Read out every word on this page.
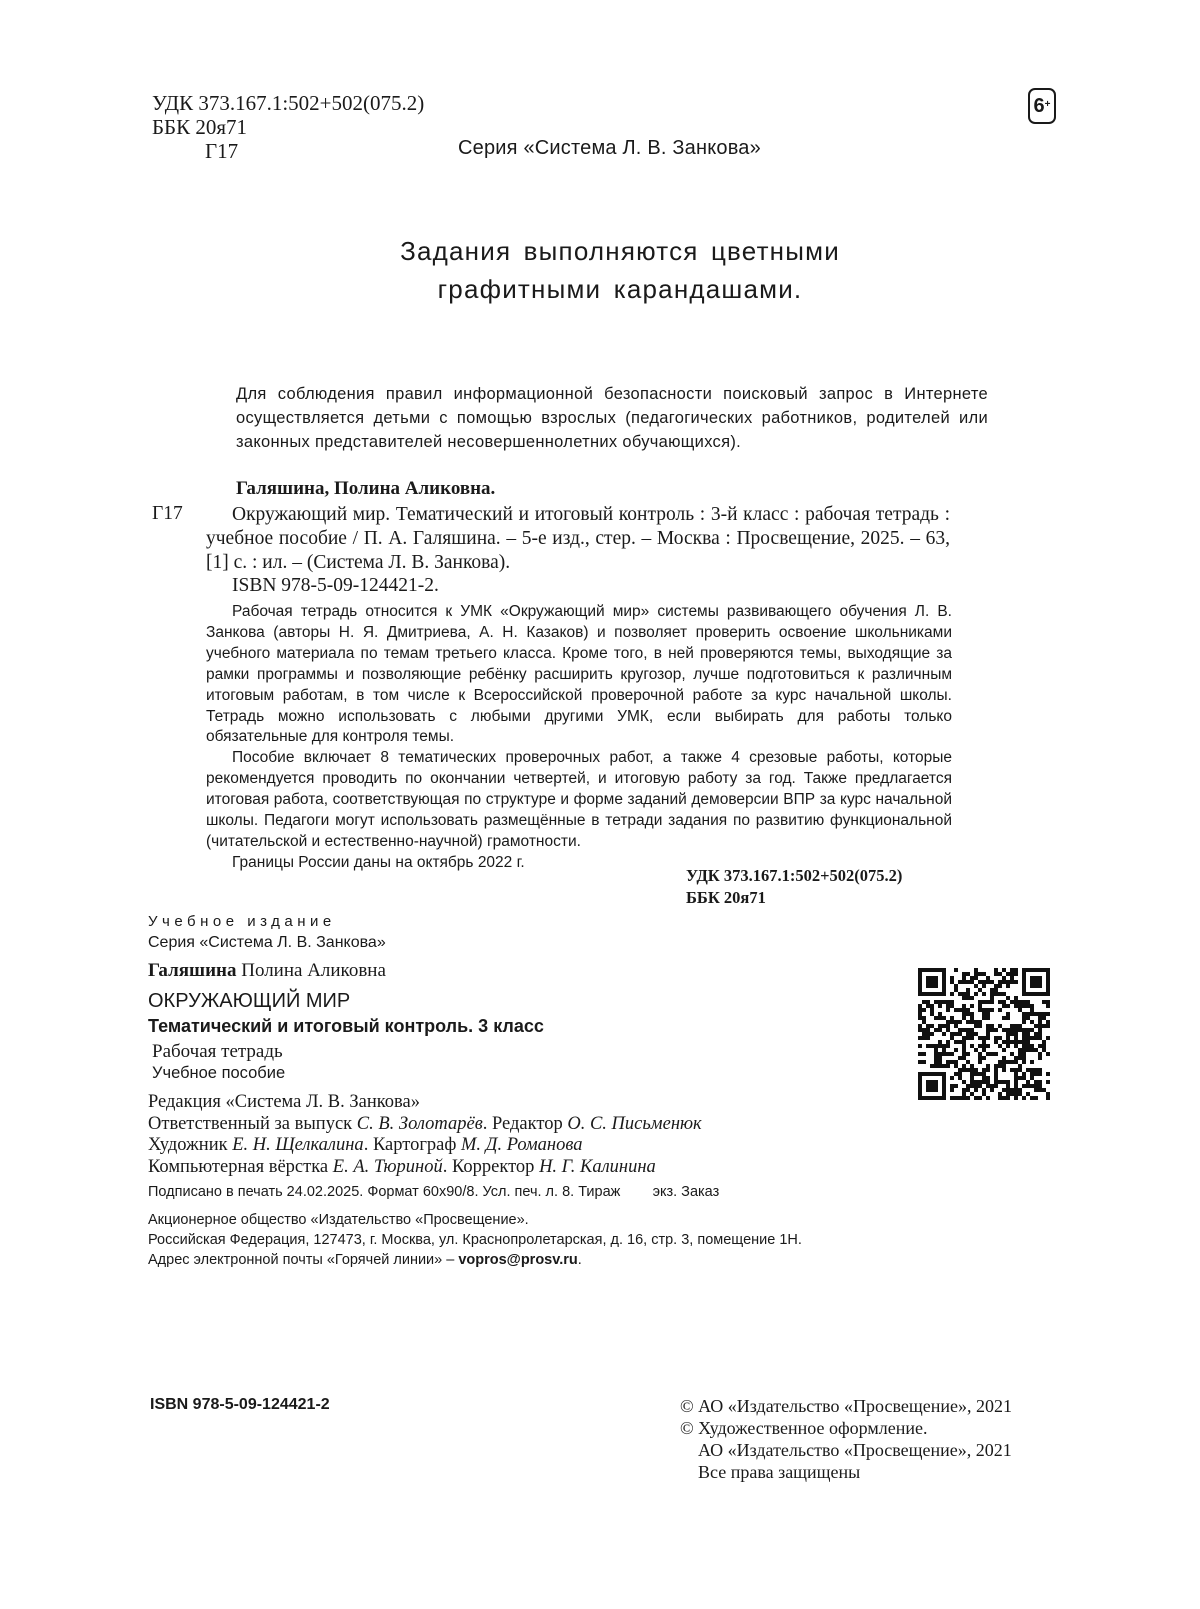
УДК 373.167.1:502+502(075.2)
ББК 20я71
Г17	Серия «Система Л. В. Занкова»
6+
Задания выполняются цветными
графитными карандашами.
Для соблюдения правил информационной безопасности поисковый запрос в Интернете осуществляется детьми с помощью взрослых (педагогических работников, родителей или законных представителей несовершеннолетних обучающихся).
Галяшина, Полина Аликовна.
Г17	Окружающий мир. Тематический и итоговый контроль : 3-й класс : рабочая тетрадь : учебное пособие / П. А. Галяшина. – 5-е изд., стер. – Москва : Просвещение, 2025. – 63, [1] с. : ил. – (Система Л. В. Занкова).
ISBN 978-5-09-124421-2.

Рабочая тетрадь относится к УМК «Окружающий мир» системы развивающего обучения Л. В. Занкова (авторы Н. Я. Дмитриева, А. Н. Казаков) и позволяет проверить освоение школьниками учебного материала по темам третьего класса. Кроме того, в ней проверяются темы, выходящие за рамки программы и позволяющие ребёнку расширить кругозор, лучше подготовиться к различным итоговым работам, в том числе к Всероссийской проверочной работе за курс начальной школы. Тетрадь можно использовать с любыми другими УМК, если выбирать для работы только обязательные для контроля темы.

Пособие включает 8 тематических проверочных работ, а также 4 срезовые работы, которые рекомендуется проводить по окончании четвертей, и итоговую работу за год. Также предлагается итоговая работа, соответствующая по структуре и форме заданий демоверсии ВПР за курс начальной школы. Педагоги могут использовать размещённые в тетради задания по развитию функциональной (читательской и естественно-научной) грамотности.

Границы России даны на октябрь 2022 г.

УДК 373.167.1:502+502(075.2)
ББК 20я71
Учебное издание
Серия «Система Л. В. Занкова»
Галяшина Полина Аликовна
ОКРУЖАЮЩИЙ МИР
Тематический и итоговый контроль. 3 класс
Рабочая тетрадь
Учебное пособие
Редакция «Система Л. В. Занкова»
Ответственный за выпуск С. В. Золотарёв. Редактор О. С. Письменюк
Художник Е. Н. Щелкалина. Картограф М. Д. Романова
Компьютерная вёрстка Е. А. Тюриной. Корректор Н. Г. Калинина
Подписано в печать 24.02.2025. Формат 60x90/8. Усл. печ. л. 8. Тираж        экз. Заказ
Акционерное общество «Издательство «Просвещение».
Российская Федерация, 127473, г. Москва, ул. Краснопролетарская, д. 16, стр. 3, помещение 1Н.
Адрес электронной почты «Горячей линии» – vopros@prosv.ru.
ISBN 978-5-09-124421-2	© АО «Издательство «Просвещение», 2021
© Художественное оформление.
АО «Издательство «Просвещение», 2021
Все права защищены
